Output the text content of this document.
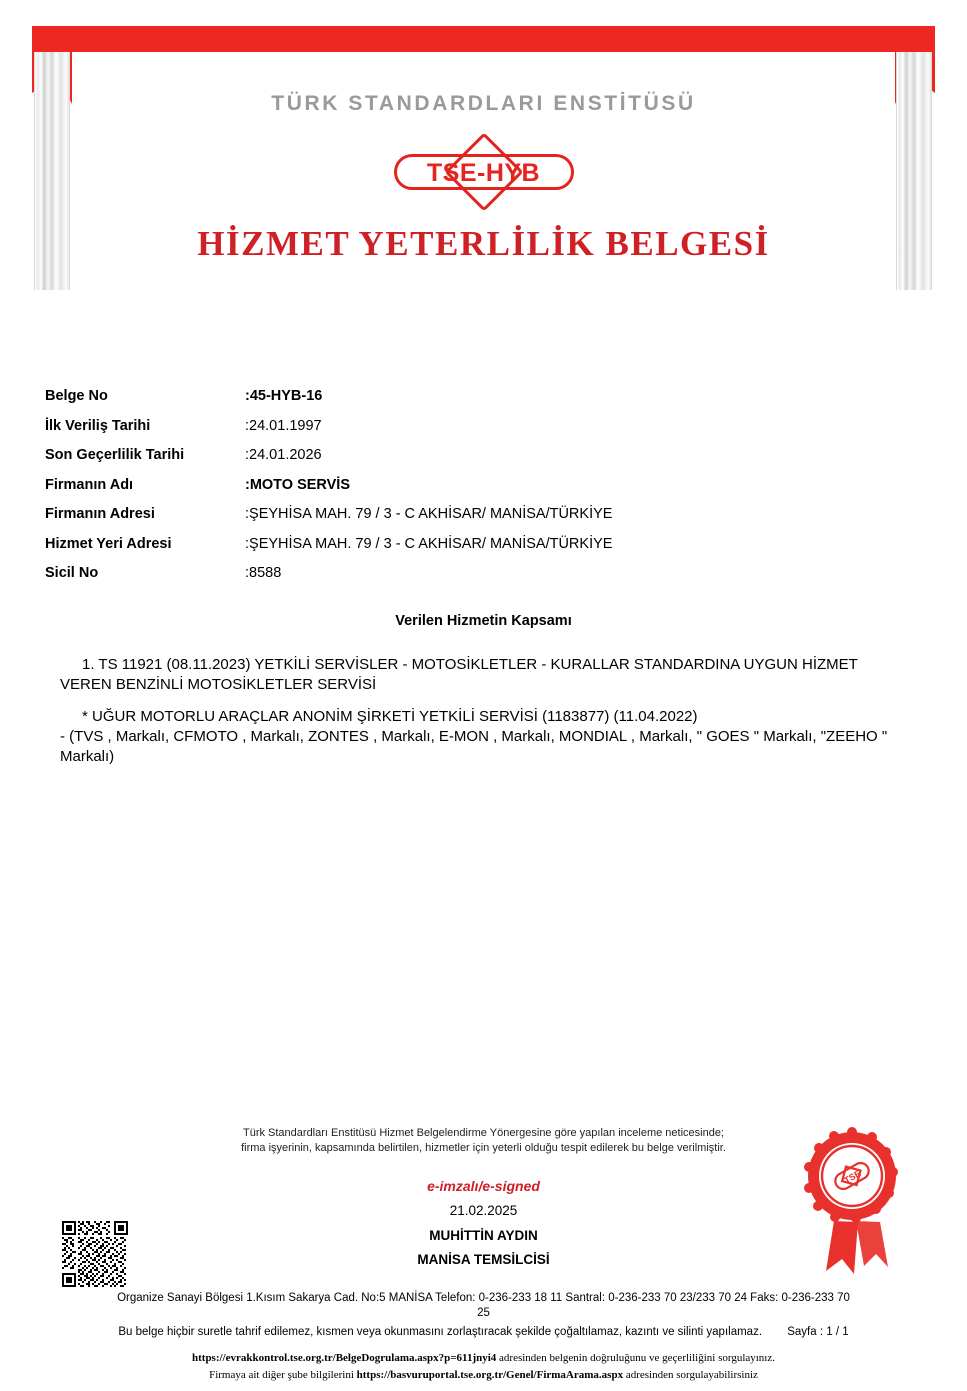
TÜRK STANDARDLARI ENSTİTÜSÜ
TSE-HYB
HİZMET YETERLİLİK BELGESİ
Belge No	:45-HYB-16
İlk Veriliş Tarihi	:24.01.1997
Son Geçerlilik Tarihi	:24.01.2026
Firmanın Adı	:MOTO SERVİS
Firmanın Adresi	:ŞEYHİSA MAH. 79 / 3 - C AKHİSAR/ MANİSA/TÜRKİYE
Hizmet Yeri Adresi	:ŞEYHİSA MAH. 79 / 3 - C AKHİSAR/ MANİSA/TÜRKİYE
Sicil No	:8588
Verilen Hizmetin Kapsamı
1. TS 11921 (08.11.2023) YETKİLİ SERVİSLER - MOTOSİKLETLER - KURALLAR STANDARDINA UYGUN HİZMET VEREN BENZİNLİ MOTOSİKLETLER SERVİSİ
* UĞUR MOTORLU ARAÇLAR ANONİM ŞİRKETİ YETKİLİ SERVİSİ (1183877) (11.04.2022)
- (TVS , Markalı, CFMOTO , Markalı, ZONTES , Markalı, E-MON , Markalı, MONDIAL , Markalı, " GOES " Markalı, "ZEEHO " Markalı)
Türk Standardları Enstitüsü Hizmet Belgelendirme Yönergesine göre yapılan inceleme neticesinde;
firma işyerinin, kapsamında belirtilen, hizmetler için yeterli olduğu tespit edilerek bu belge verilmiştir.
e-imzalı/e-signed
21.02.2025
MUHİTTİN AYDIN
MANİSA TEMSİLCİSİ
TSE
Organize Sanayi Bölgesi 1.Kısım Sakarya Cad. No:5 MANİSA Telefon: 0-236-233 18 11 Santral: 0-236-233 70 23/233 70 24 Faks: 0-236-233 70
25
Bu belge hiçbir suretle tahrif edilemez, kısmen veya okunmasını zorlaştıracak şekilde çoğaltılamaz, kazıntı ve silinti yapılamaz. Sayfa : 1 / 1
https://evrakkontrol.tse.org.tr/BelgeDogrulama.aspx?p=611jnyi4 adresinden belgenin doğruluğunu ve geçerliliğini sorgulayınız.
Firmaya ait diğer şube bilgilerini https://basvuruportal.tse.org.tr/Genel/FirmaArama.aspx adresinden sorgulayabilirsiniz
